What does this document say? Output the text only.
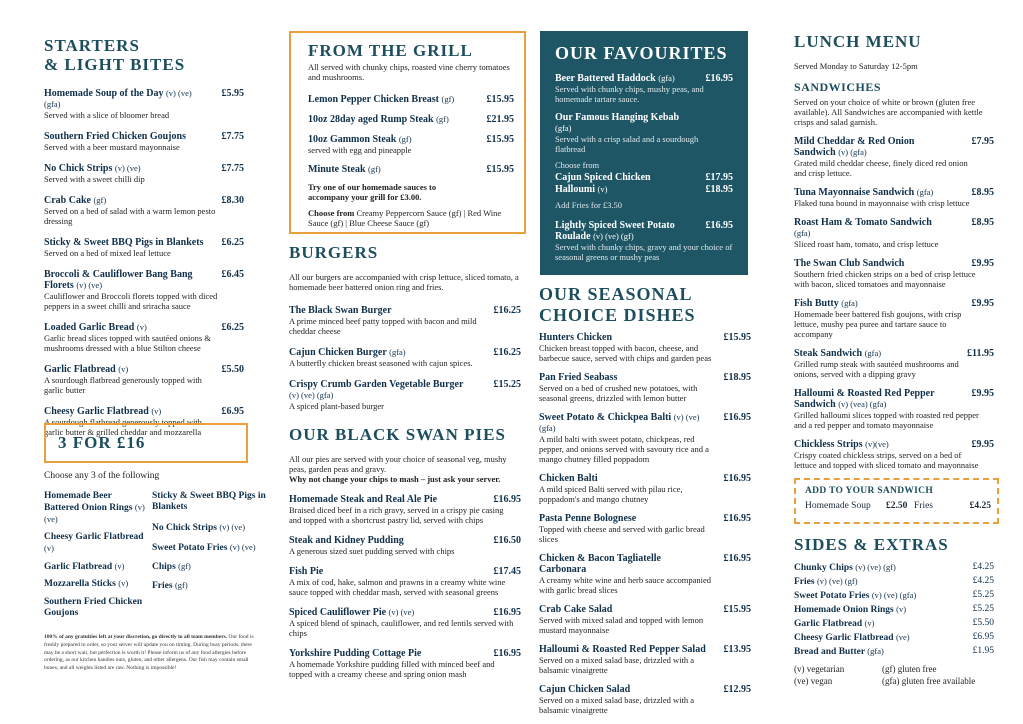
STARTERS
& LIGHT BITES
Homemade Soup of the Day (v) (ve) (gfa)
£5.95
Served with a slice of bloomer bread
Southern Fried Chicken Goujons	£7.75
Served with a beer mustard mayonnaise
No Chick Strips (v) (ve)	£7.75
Served with a sweet chilli dip
Crab Cake (gf)	£8.30
Served on a bed of salad with a warm lemon pesto dressing
Sticky & Sweet BBQ Pigs in Blankets	£6.25
Served on a bed of mixed leaf lettuce
Broccoli & Cauliflower Bang Bang Florets (v) (ve)
£6.45
Cauliflower and Broccoli florets topped with diced peppers in a sweet chilli and sriracha sauce
Loaded Garlic Bread (v)	£6.25
Garlic bread slices topped with sautéed onions & mushrooms dressed with a blue Stilton cheese
Garlic Flatbread (v)	£5.50
A sourdough flatbread generously topped with garlic butter
Cheesy Garlic Flatbread (v)	£6.95
A sourdough flatbread generously topped with garlic butter & grilled cheddar and mozzarella
3 FOR £16
Choose any 3 of the following
Homemade Beer Battered Onion Rings (v) (ve)
Cheesy Garlic Flatbread (v)
Garlic Flatbread (v)
Mozzarella Sticks (v)
Southern Fried Chicken Goujons
Sticky & Sweet BBQ Pigs in Blankets
No Chick Strips (v) (ve)
Sweet Potato Fries (v) (ve)
Chips (gf)
Fries (gf)
100% of any gratuities left at your discretion, go directly to all team members. Our food is freshly prepared to order, so your server will update you on timing. During busy periods, there may be a short wait, but perfection is worth it! Please inform us of any food allergies before ordering, as our kitchen handles nuts, gluten, and other allergens. Our fish may contain small bones, and all weights listed are raw. Nothing is impossible!
FROM THE GRILL
All served with chunky chips, roasted vine cherry tomatoes and mushrooms.
Lemon Pepper Chicken Breast (gf)	£15.95
10oz 28day aged Rump Steak (gf)	£21.95
10oz Gammon Steak (gf)	£15.95
served with egg and pineapple
Minute Steak (gf)	£15.95
Try one of our homemade sauces to accompany your grill for £3.00.
Choose from Creamy Peppercorn Sauce (gf) | Red Wine Sauce (gf) | Blue Cheese Sauce (gf)
BURGERS
All our burgers are accompanied with crisp lettuce, sliced tomato, a homemade beer battered onion ring and fries.
The Black Swan Burger	£16.25
A prime minced beef patty topped with bacon and mild cheddar cheese
Cajun Chicken Burger (gfa)	£16.25
A butterfly chicken breast seasoned with cajun spices.
Crispy Crumb Garden Vegetable Burger (v) (ve) (gfa)
£15.25
A spiced plant-based burger
OUR BLACK SWAN PIES
All our pies are served with your choice of seasonal veg, mushy peas, garden peas and gravy.
Why not change your chips to mash – just ask your server.
Homemade Steak and Real Ale Pie	£16.95
Braised diced beef in a rich gravy, served in a crispy pie casing and topped with a shortcrust pastry lid, served with chips
Steak and Kidney Pudding	£16.50
A generous sized suet pudding served with chips
Fish Pie	£17.45
A mix of cod, hake, salmon and prawns in a creamy white wine sauce topped with cheddar mash, served with seasonal greens
Spiced Cauliflower Pie (v) (ve)	£16.95
A spiced blend of spinach, cauliflower, and red lentils served with chips
Yorkshire Pudding Cottage Pie	£16.95
A homemade Yorkshire pudding filled with minced beef and topped with a creamy cheese and spring onion mash
OUR FAVOURITES
Beer Battered Haddock (gfa)	£16.95
Served with chunky chips, mushy peas, and homemade tartare sauce.
Our Famous Hanging Kebab (gfa)
Served with a crisp salad and a sourdough flatbread
Choose from
Cajun Spiced Chicken	£17.95
Halloumi (v)	£18.95
Add Fries for £3.50
Lightly Spiced Sweet Potato Roulade (v) (ve) (gf)
£16.95
Served with chunky chips, gravy and your choice of seasonal greens or mushy peas
OUR SEASONAL
CHOICE DISHES
Hunters Chicken	£15.95
Chicken breast topped with bacon, cheese, and barbecue sauce, served with chips and garden peas
Pan Fried Seabass	£18.95
Served on a bed of crushed new potatoes, with seasonal greens, drizzled with lemon butter
Sweet Potato & Chickpea Balti (v) (ve) (gfa)
£16.95
A mild balti with sweet potato, chickpeas, red pepper, and onions served with savoury rice and a mango chutney filled poppadom
Chicken Balti	£16.95
A mild spiced Balti served with pilau rice, poppadom's and mango chutney
Pasta Penne Bolognese	£16.95
Topped with cheese and served with garlic bread slices
Chicken & Bacon Tagliatelle Carbonara
£16.95
A creamy white wine and herb sauce accompanied with garlic bread slices
Crab Cake Salad	£15.95
Served with mixed salad and topped with lemon mustard mayonnaise
Halloumi & Roasted Red Pepper Salad	£13.95
Served on a mixed salad base, drizzled with a balsamic vinaigrette
Cajun Chicken Salad	£12.95
Served on a mixed salad base, drizzled with a balsamic vinaigrette
LUNCH MENU
Served Monday to Saturday 12-5pm
SANDWICHES
Served on your choice of white or brown (gluten free available). All Sandwiches are accompanied with kettle crisps and salad garnish.
Mild Cheddar & Red Onion Sandwich (v) (gfa)
£7.95
Grated mild cheddar cheese, finely diced red onion and crisp lettuce.
Tuna Mayonnaise Sandwich (gfa)	£8.95
Flaked tuna bound in mayonnaise with crisp lettuce
Roast Ham & Tomato Sandwich (gfa)
£8.95
Sliced roast ham, tomato, and crisp lettuce
The Swan Club Sandwich	£9.95
Southern fried chicken strips on a bed of crisp lettuce with bacon, sliced tomatoes and mayonnaise
Fish Butty (gfa)	£9.95
Homemade beer battered fish goujons, with crisp lettuce, mushy pea puree and tartare sauce to accompany
Steak Sandwich (gfa)	£11.95
Grilled rump steak with sautéed mushrooms and onions, served with a dipping gravy
Halloumi & Roasted Red Pepper Sandwich (v) (vea) (gfa)
£9.95
Grilled halloumi slices topped with roasted red pepper and a red pepper and tomato mayonnaise
Chickless Strips (v)(ve)	£9.95
Crispy coated chickless strips, served on a bed of lettuce and topped with sliced tomato and mayonnaise
ADD TO YOUR SANDWICH
Homemade Soup £2.50 Fries	£4.25
SIDES & EXTRAS
Chunky Chips (v) (ve) (gf)	£4.25
Fries (v) (ve) (gf)	£4.25
Sweet Potato Fries (v) (ve) (gfa)	£5.25
Homemade Onion Rings (v)	£5.25
Garlic Flatbread (v)	£5.50
Cheesy Garlic Flatbread (ve)	£6.95
Bread and Butter (gfa)	£1.95
(v) vegetarian
(ve) vegan
(gf) gluten free
(gfa) gluten free available
